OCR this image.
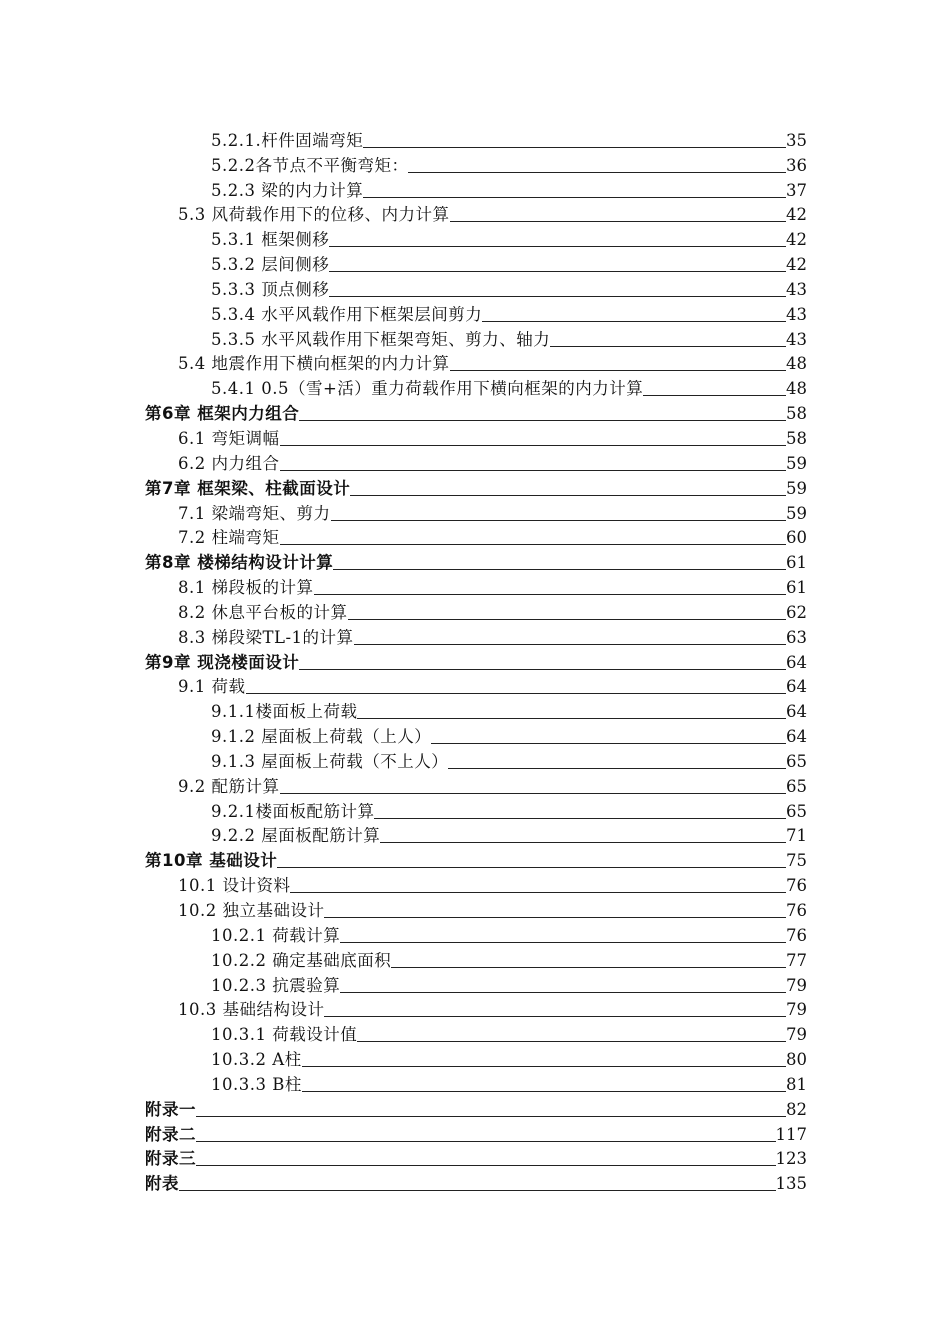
5.2.1.杆件固端弯矩	35
5.2.2各节点不平衡弯矩：	36
5.2.3 梁的内力计算	37
5.3 风荷载作用下的位移、内力计算	42
5.3.1 框架侧移	42
5.3.2 层间侧移	42
5.3.3 顶点侧移	43
5.3.4 水平风载作用下框架层间剪力	43
5.3.5 水平风载作用下框架弯矩、剪力、轴力	43
5.4 地震作用下横向框架的内力计算	48
5.4.1 0.5（雪+活）重力荷载作用下横向框架的内力计算	48
第6章 框架内力组合	58
6.1 弯矩调幅	58
6.2 内力组合	59
第7章 框架梁、柱截面设计	59
7.1 梁端弯矩、剪力	59
7.2 柱端弯矩	60
第8章 楼梯结构设计计算	61
8.1 梯段板的计算	61
8.2 休息平台板的计算	62
8.3 梯段梁TL-1的计算	63
第9章 现浇楼面设计	64
9.1 荷载	64
9.1.1楼面板上荷载	64
9.1.2 屋面板上荷载（上人）	64
9.1.3 屋面板上荷载（不上人）	65
9.2 配筋计算	65
9.2.1楼面板配筋计算	65
9.2.2 屋面板配筋计算	71
第10章 基础设计	75
10.1 设计资料	76
10.2 独立基础设计	76
10.2.1 荷载计算	76
10.2.2 确定基础底面积	77
10.2.3 抗震验算	79
10.3 基础结构设计	79
10.3.1 荷载设计值	79
10.3.2 A柱	80
10.3.3 B柱	81
附录一	82
附录二	117
附录三	123
附表	135
